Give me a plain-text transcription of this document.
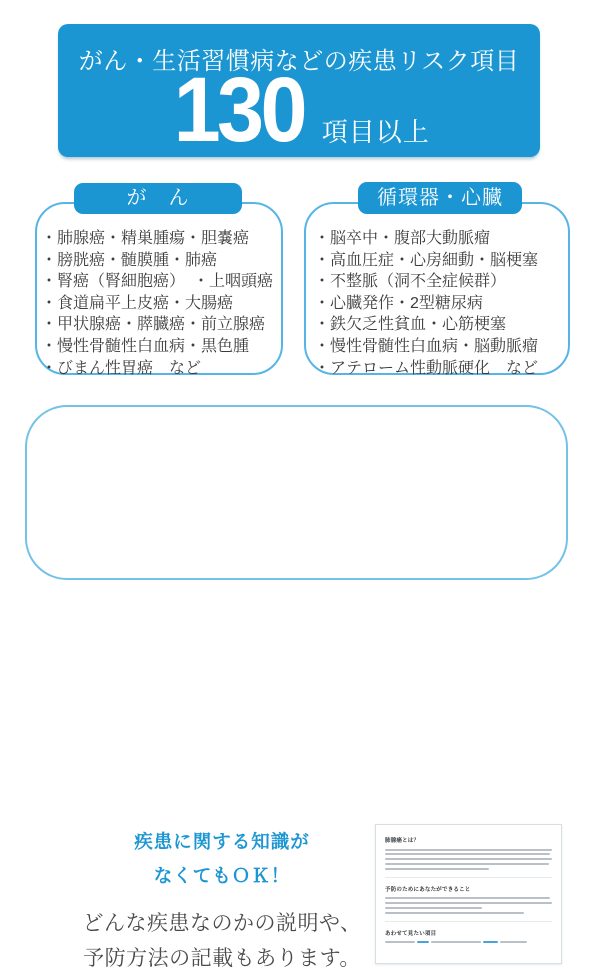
がん・生活習慣病などの疾患リスク項目
130 項目以上
・肺腺癌・精巣腫瘍・胆嚢癌
・膀胱癌・髄膜腫・肺癌
・腎癌（腎細胞癌）　・上咽頭癌
・食道扁平上皮癌・大腸癌
・甲状腺癌・膵臓癌・前立腺癌
・慢性骨髄性白血病・黒色腫
・びまん性胃癌　など
が　ん
・脳卒中・腹部大動脈瘤
・高血圧症・心房細動・脳梗塞
・不整脈（洞不全症候群）
・心臓発作・2型糖尿病
・鉄欠乏性貧血・心筋梗塞
・慢性骨髄性白血病・脳動脈瘤
・アテローム性動脈硬化　など
循環器・心臓
疾患に関する知識が
なくてもＯＫ！
どんな疾患なのかの説明や、
予防方法の記載もあります。
肺腺癌とは？
予防のためにあなたができること
あわせて見たい項目
